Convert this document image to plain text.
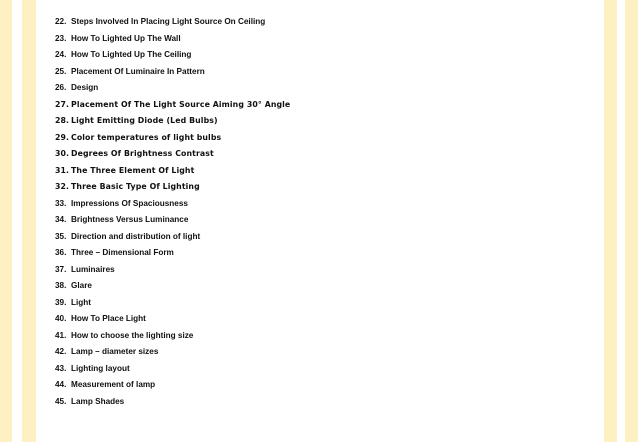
22. Steps Involved In Placing Light Source On Ceiling
23. How To Lighted Up The Wall
24. How To Lighted Up The Ceiling
25. Placement Of Luminaire In Pattern
26. Design
27. Placement Of The Light Source Aiming 30° Angle
28. Light Emitting Diode (Led Bulbs)
29. Color temperatures of light bulbs
30. Degrees Of Brightness Contrast
31. The Three Element Of Light
32. Three Basic Type Of Lighting
33. Impressions Of Spaciousness
34. Brightness Versus Luminance
35. Direction and distribution of light
36. Three – Dimensional Form
37. Luminaires
38. Glare
39. Light
40. How To Place Light
41. How to choose the lighting size
42. Lamp – diameter sizes
43. Lighting layout
44. Measurement of lamp
45. Lamp Shades
